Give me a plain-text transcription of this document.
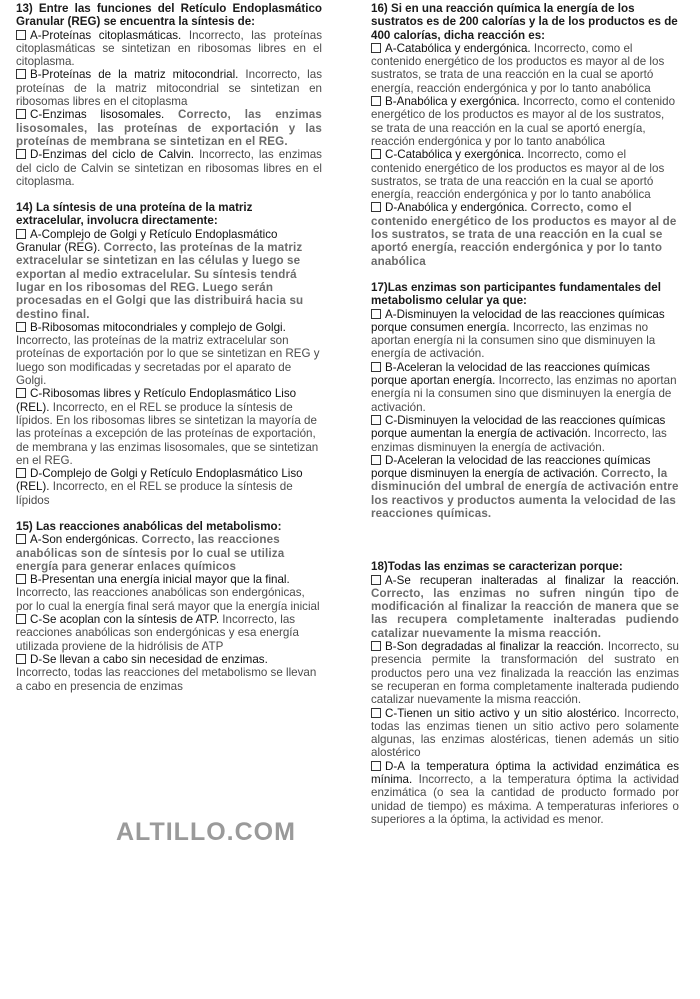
13) Entre las funciones del Retículo Endoplasmático Granular (REG) se encuentra la síntesis de:

A-Proteínas citoplasmáticas. Incorrecto, las proteínas citoplasmáticas se sintetizan en ribosomas libres en el citoplasma.

B-Proteínas de la matriz mitocondrial. Incorrecto, las proteínas de la matriz mitocondrial se sintetizan en ribosomas libres en el citoplasma

C-Enzimas lisosomales. Correcto, las enzimas lisosomales, las proteínas de exportación y las proteínas de membrana se sintetizan en el REG.

D-Enzimas del ciclo de Calvin. Incorrecto, las enzimas del ciclo de Calvin se sintetizan en ribosomas libres en el citoplasma.

14) La síntesis de una proteína de la matriz extracelular, involucra directamente:

A-Complejo de Golgi y Retículo Endoplasmático Granular (REG). Correcto, las proteínas de la matriz extracelular se sintetizan en las células y luego se exportan al medio extracelular. Su síntesis tendrá lugar en los ribosomas del REG. Luego serán procesadas en el Golgi que las distribuirá hacia su destino final.

B-Ribosomas mitocondriales y complejo de Golgi. Incorrecto, las proteínas de la matriz extracelular son proteínas de exportación por lo que se sintetizan en REG y luego son modificadas y secretadas por el aparato de Golgi.

C-Ribosomas libres y Retículo Endoplasmático Liso (REL). Incorrecto, en el REL se produce la síntesis de lípidos. En los ribosomas libres se sintetizan la mayoría de las proteínas a excepción de las proteínas de exportación, de membrana y las enzimas lisosomales, que se sintetizan en el REG.

D-Complejo de Golgi y Retículo Endoplasmático Liso (REL). Incorrecto, en el REL se produce la síntesis de lípidos

15) Las reacciones anabólicas del metabolismo:

A-Son endergónicas. Correcto, las reacciones anabólicas son de síntesis por lo cual se utiliza energía para generar enlaces químicos

B-Presentan una energía inicial mayor que la final. Incorrecto, las reacciones anabólicas son endergónicas, por lo cual la energía final será mayor que la energía inicial

C-Se acoplan con la síntesis de ATP. Incorrecto, las reacciones anabólicas son endergónicas y esa energía utilizada proviene de la hidrólisis de ATP

D-Se llevan a cabo sin necesidad de enzimas. Incorrecto, todas las reacciones del metabolismo se llevan a cabo en presencia de enzimas

16) Si en una reacción química la energía de los sustratos es de 200 calorías y la de los productos es de 400 calorías, dicha reacción es:

A-Catabólica y endergónica. Incorrecto, como el contenido energético de los productos es mayor al de los sustratos, se trata de una reacción en la cual se aportó energía, reacción endergónica y por lo tanto anabólica

B-Anabólica y exergónica. Incorrecto, como el contenido energético de los productos es mayor al de los sustratos, se trata de una reacción en la cual se aportó energía, reacción endergónica y por lo tanto anabólica

C-Catabólica y exergónica. Incorrecto, como el contenido energético de los productos es mayor al de los sustratos, se trata de una reacción en la cual se aportó energía, reacción endergónica y por lo tanto anabólica

D-Anabólica y endergónica. Correcto, como el contenido energético de los productos es mayor al de los sustratos, se trata de una reacción en la cual se aportó energía, reacción endergónica y por lo tanto anabólica

17)Las enzimas son participantes fundamentales del metabolismo celular ya que:

A-Disminuyen la velocidad de las reacciones químicas porque consumen energía. Incorrecto, las enzimas no aportan energía ni la consumen sino que disminuyen la energía de activación.

B-Aceleran la velocidad de las reacciones químicas porque aportan energía. Incorrecto, las enzimas no aportan energía ni la consumen sino que disminuyen la energía de activación.

C-Disminuyen la velocidad de las reacciones químicas porque aumentan la energía de activación. Incorrecto, las enzimas disminuyen la energía de activación.

D-Aceleran la velocidad de las reacciones químicas porque disminuyen la energía de activación. Correcto, la disminución del umbral de energía de activación entre los reactivos y productos aumenta la velocidad de las reacciones químicas.

18)Todas las enzimas se caracterizan porque:

A-Se recuperan inalteradas al finalizar la reacción. Correcto, las enzimas no sufren ningún tipo de modificación al finalizar la reacción de manera que se las recupera completamente inalteradas pudiendo catalizar nuevamente la misma reacción.

B-Son degradadas al finalizar la reacción. Incorrecto, su presencia permite la transformación del sustrato en productos pero una vez finalizada la reacción las enzimas se recuperan en forma completamente inalterada pudiendo catalizar nuevamente la misma reacción.

C-Tienen un sitio activo y un sitio alostérico. Incorrecto, todas las enzimas tienen un sitio activo pero solamente algunas, las enzimas alostéricas, tienen además un sitio alostérico

D-A la temperatura óptima la actividad enzimática es mínima. Incorrecto, a la temperatura óptima la actividad enzimática (o sea la cantidad de producto formado por unidad de tiempo) es máxima. A temperaturas inferiores o superiores a la óptima, la actividad es menor.

ALTILLO.COM
